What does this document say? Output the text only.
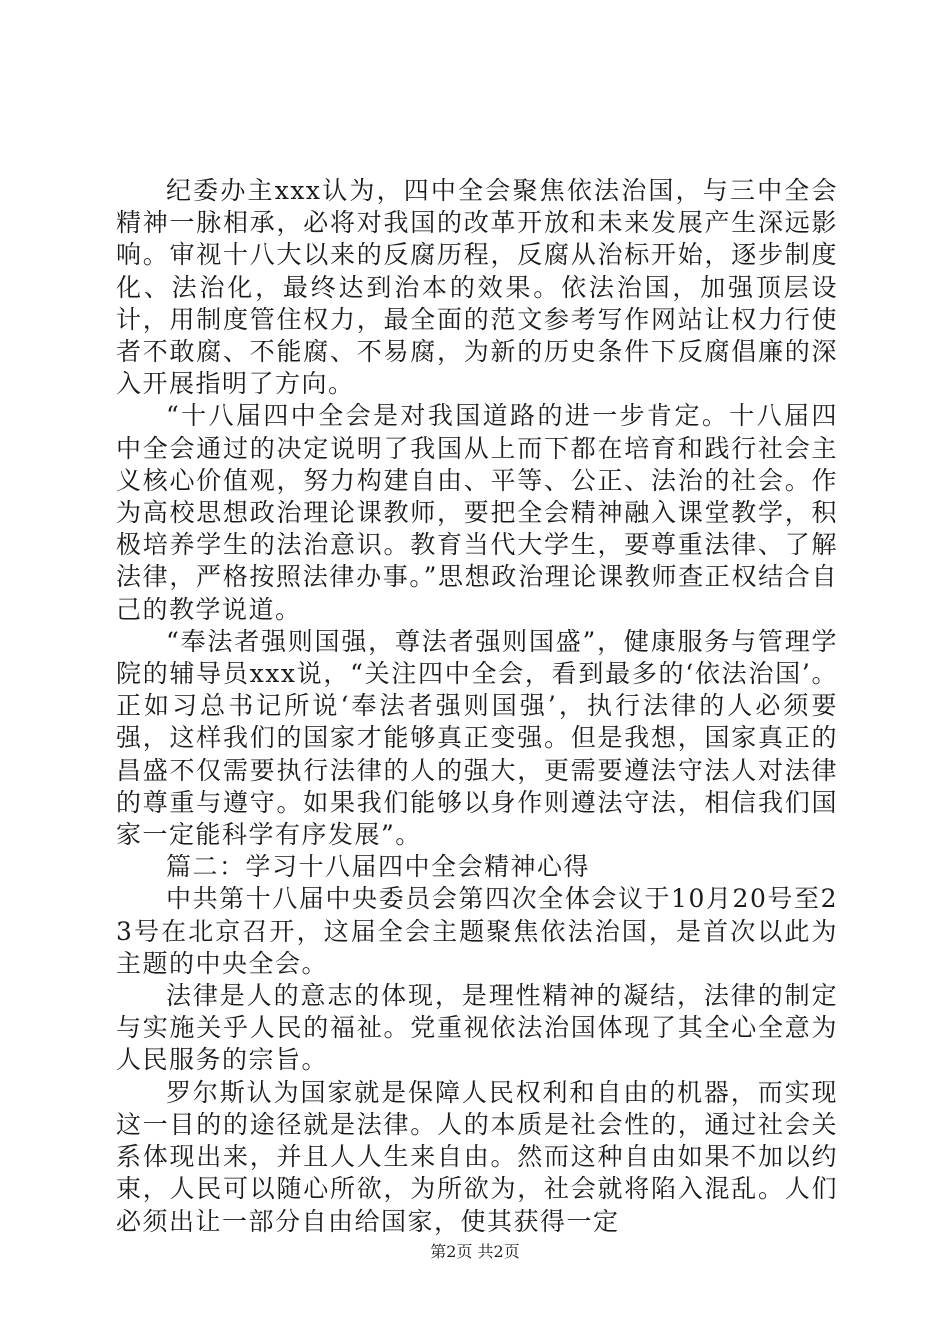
纪委办主xxx认为，四中全会聚焦依法治国，与三中全会精神一脉相承，必将对我国的改革开放和未来发展产生深远影响。审视十八大以来的反腐历程，反腐从治标开始，逐步制度化、法治化，最终达到治本的效果。依法治国，加强顶层设计，用制度管住权力，最全面的范文参考写作网站让权力行使者不敢腐、不能腐、不易腐，为新的历史条件下反腐倡廉的深入开展指明了方向。

“十八届四中全会是对我国道路的进一步肯定。十八届四中全会通过的决定说明了我国从上而下都在培育和践行社会主义核心价值观，努力构建自由、平等、公正、法治的社会。作为高校思想政治理论课教师，要把全会精神融入课堂教学，积极培养学生的法治意识。教育当代大学生，要尊重法律、了解法律，严格按照法律办事。”思想政治理论课教师查正权结合自己的教学说道。

“奉法者强则国强，尊法者强则国盛”，健康服务与管理学院的辅导员xxx说，“关注四中全会，看到最多的‘依法治国’。正如习总书记所说‘奉法者强则国强’，执行法律的人必须要强，这样我们的国家才能够真正变强。但是我想，国家真正的昌盛不仅需要执行法律的人的强大，更需要遵法守法人对法律的尊重与遵守。如果我们能够以身作则遵法守法，相信我们国家一定能科学有序发展”。

篇二：学习十八届四中全会精神心得

中共第十八届中央委员会第四次全体会议于10月20号至23号在北京召开，这届全会主题聚焦依法治国，是首次以此为主题的中央全会。

法律是人的意志的体现，是理性精神的凝结，法律的制定与实施关乎人民的福祉。党重视依法治国体现了其全心全意为人民服务的宗旨。

罗尔斯认为国家就是保障人民权利和自由的机器，而实现这一目的的途径就是法律。人的本质是社会性的，通过社会关系体现出来，并且人人生来自由。然而这种自由如果不加以约束，人民可以随心所欲，为所欲为，社会就将陷入混乱。人们必须出让一部分自由给国家，使其获得一定

第2页 共2页
